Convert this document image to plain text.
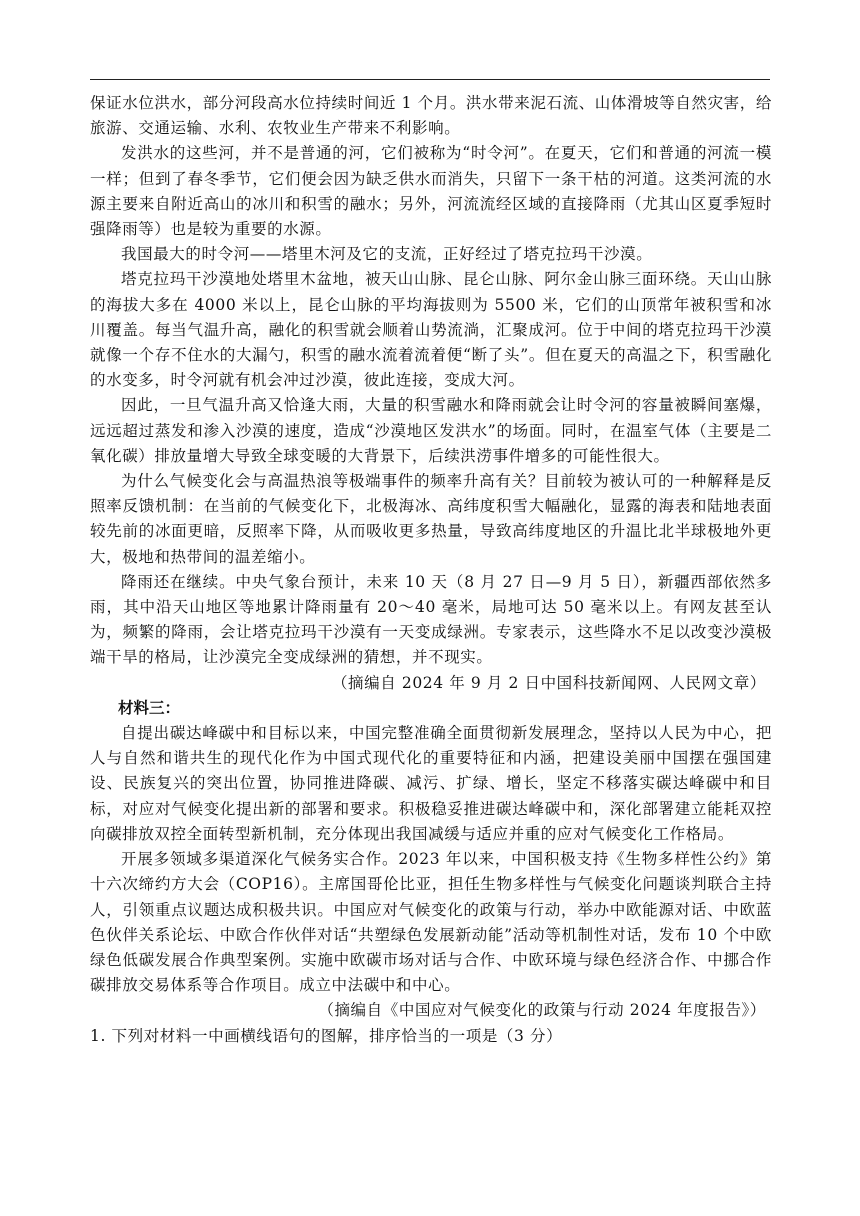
保证水位洪水，部分河段高水位持续时间近 1 个月。洪水带来泥石流、山体滑坡等自然灾害，给旅游、交通运输、水利、农牧业生产带来不利影响。

发洪水的这些河，并不是普通的河，它们被称为“时令河”。在夏天，它们和普通的河流一模一样；但到了春冬季节，它们便会因为缺乏供水而消失，只留下一条干枯的河道。这类河流的水源主要来自附近高山的冰川和积雪的融水；另外，河流流经区域的直接降雨（尤其山区夏季短时强降雨等）也是较为重要的水源。

我国最大的时令河——塔里木河及它的支流，正好经过了塔克拉玛干沙漠。

塔克拉玛干沙漠地处塔里木盆地，被天山山脉、昆仑山脉、阿尔金山脉三面环绕。天山山脉的海拔大多在 4000 米以上，昆仑山脉的平均海拔则为 5500 米，它们的山顶常年被积雪和冰川覆盖。每当气温升高，融化的积雪就会顺着山势流淌，汇聚成河。位于中间的塔克拉玛干沙漠就像一个存不住水的大漏勺，积雪的融水流着流着便“断了头”。但在夏天的高温之下，积雪融化的水变多，时令河就有机会冲过沙漠，彼此连接，变成大河。

因此，一旦气温升高又恰逢大雨，大量的积雪融水和降雨就会让时令河的容量被瞬间塞爆，远远超过蒸发和渗入沙漠的速度，造成“沙漠地区发洪水”的场面。同时，在温室气体（主要是二氧化碳）排放量增大导致全球变暖的大背景下，后续洪涝事件增多的可能性很大。

为什么气候变化会与高温热浪等极端事件的频率升高有关？目前较为被认可的一种解释是反照率反馈机制：在当前的气候变化下，北极海冰、高纬度积雪大幅融化，显露的海表和陆地表面较先前的冰面更暗，反照率下降，从而吸收更多热量，导致高纬度地区的升温比北半球极地外更大，极地和热带间的温差缩小。

降雨还在继续。中央气象台预计，未来 10 天（8 月 27 日—9 月 5 日），新疆西部依然多雨，其中沿天山地区等地累计降雨量有 20～40 毫米，局地可达 50 毫米以上。有网友甚至认为，频繁的降雨，会让塔克拉玛干沙漠有一天变成绿洲。专家表示，这些降水不足以改变沙漠极端干旱的格局，让沙漠完全变成绿洲的猜想，并不现实。

（摘编自 2024 年 9 月 2 日中国科技新闻网、人民网文章）

材料三：

自提出碳达峰碳中和目标以来，中国完整准确全面贯彻新发展理念，坚持以人民为中心，把人与自然和谐共生的现代化作为中国式现代化的重要特征和内涵，把建设美丽中国摆在强国建设、民族复兴的突出位置，协同推进降碳、减污、扩绿、增长，坚定不移落实碳达峰碳中和目标，对应对气候变化提出新的部署和要求。积极稳妥推进碳达峰碳中和，深化部署建立能耗双控向碳排放双控全面转型新机制，充分体现出我国减缓与适应并重的应对气候变化工作格局。

开展多领域多渠道深化气候务实合作。2023 年以来，中国积极支持《生物多样性公约》第十六次缔约方大会（COP16）。主席国哥伦比亚，担任生物多样性与气候变化问题谈判联合主持人，引领重点议题达成积极共识。中国应对气候变化的政策与行动，举办中欧能源对话、中欧蓝色伙伴关系论坛、中欧合作伙伴对话“共塑绿色发展新动能”活动等机制性对话，发布 10 个中欧绿色低碳发展合作典型案例。实施中欧碳市场对话与合作、中欧环境与绿色经济合作、中挪合作碳排放交易体系等合作项目。成立中法碳中和中心。

（摘编自《中国应对气候变化的政策与行动 2024 年度报告》）

1. 下列对材料一中画横线语句的图解，排序恰当的一项是（3 分）
